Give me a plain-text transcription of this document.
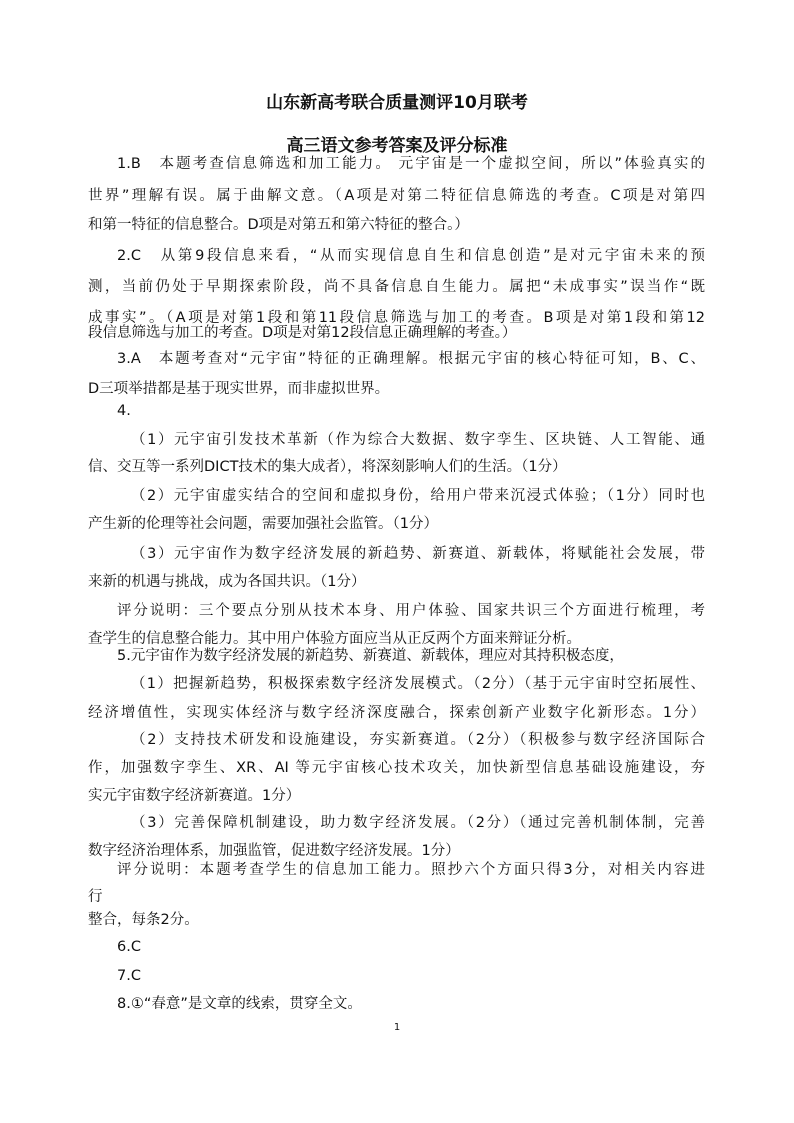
山东新高考联合质量测评10月联考
高三语文参考答案及评分标准
1.B　本题考查信息筛选和加工能力。 元宇宙是一个虚拟空间，所以”体验真实的
世界”理解有误。属于曲解文意。（A项是对第二特征信息筛选的考查。C项是对第四
和第一特征的信息整合。D项是对第五和第六特征的整合。）
2.C　从第9段信息来看，“从而实现信息自生和信息创造”是对元宇宙未来的预
测，当前仍处于早期探索阶段，尚不具备信息自生能力。属把“未成事实”误当作“既
成事实”。（A项是对第1段和第11段信息筛选与加工的考查。B项是对第1段和第12
段信息筛选与加工的考查。D项是对第12段信息正确理解的考查。）
3.A　本题考查对“元宇宙”特征的正确理解。根据元宇宙的核心特征可知，B、C、
D三项举措都是基于现实世界，而非虚拟世界。
4.
（1）元宇宙引发技术革新（作为综合大数据、数字孪生、区块链、人工智能、通
信、交互等一系列DICT技术的集大成者），将深刻影响人们的生活。（1分）
（2）元宇宙虚实结合的空间和虚拟身份，给用户带来沉浸式体验；（1分）同时也
产生新的伦理等社会问题，需要加强社会监管。（1分）
（3）元宇宙作为数字经济发展的新趋势、新赛道、新载体，将赋能社会发展，带
来新的机遇与挑战，成为各国共识。（1分）
评分说明：三个要点分别从技术本身、用户体验、国家共识三个方面进行梳理，考
查学生的信息整合能力。其中用户体验方面应当从正反两个方面来辩证分析。
5.元宇宙作为数字经济发展的新趋势、新赛道、新载体，理应对其持积极态度，
（1）把握新趋势，积极探索数字经济发展模式。（2分）（基于元宇宙时空拓展性、
经济增值性，实现实体经济与数字经济深度融合，探索创新产业数字化新形态。1分）
（2）支持技术研发和设施建设，夯实新赛道。（2分）（积极参与数字经济国际合
作，加强数字孪生、XR、AI 等元宇宙核心技术攻关，加快新型信息基础设施建设，夯
实元宇宙数字经济新赛道。1分）
（3）完善保障机制建设，助力数字经济发展。（2分）（通过完善机制体制，完善
数字经济治理体系，加强监管，促进数字经济发展。1分）
评分说明：本题考查学生的信息加工能力。照抄六个方面只得3分，对相关内容进
行
整合，每条2分。
6.C
7.C
8.①“春意”是文章的线索，贯穿全文。
1
